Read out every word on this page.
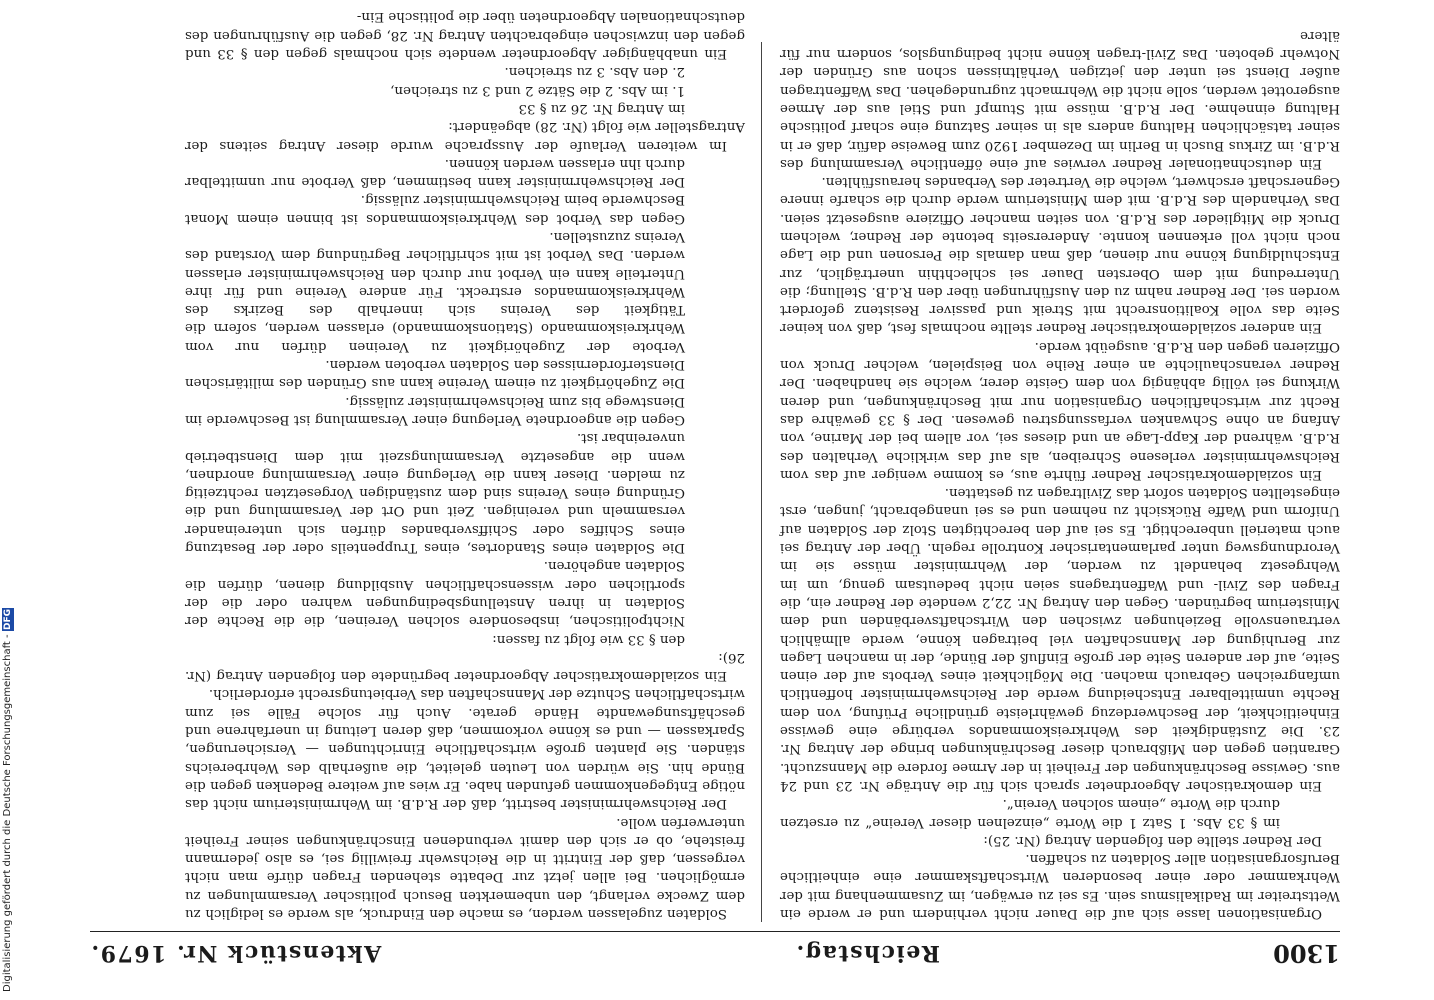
1300
Reichstag.
Aktenstück Nr. 1679.

Organisationen lasse sich auf die Dauer nicht verhindern und er werde ein Wettstreiter im Radikalismus sein. Es sei zu erwägen, im Zusammenhang mit der Wehrkammer oder einer besonderen Wirtschaftskammer eine einheitliche Berufsorganisation aller Soldaten zu schaffen.

Der Redner stellte den folgenden Antrag (Nr. 25):

im § 33 Abs. 1 Satz 1 die Worte „einzelnen dieser Vereine“ zu ersetzen durch die Worte „einem solchen Verein“.

Ein demokratischer Abgeordneter sprach sich für die Anträge Nr. 23 und 24 aus. Gewisse Beschränkungen der Freiheit in der Armee fordere die Mannszucht. Garantien gegen den Mißbrauch dieser Beschränkungen bringe der Antrag Nr. 23. Die Zuständigkeit des Wehrkreiskommandos verbürge eine gewisse Einheitlichkeit, der Beschwerdezug gewährleiste gründliche Prüfung, von dem Rechte unmittelbarer Entscheidung werde der Reichswehrminister hoffentlich umfangreichen Gebrauch machen. Die Möglichkeit eines Verbots auf der einen Seite, auf der anderen Seite der große Einfluß der Bünde, der in manchen Lagen zur Beruhigung der Mannschaften viel beitragen könne, werde allmählich vertrauensvolle Beziehungen zwischen den Wirtschaftsverbänden und dem Ministerium begründen. Gegen den Antrag Nr. 22,2 wendete der Redner ein, die Fragen des Zivil- und Waffentragens seien nicht bedeutsam genug, um im Wehrgesetz behandelt zu werden, der Wehrminister müsse sie im Verordnungsweg unter parlamentarischer Kontrolle regeln. Über der Antrag sei auch materiell unberechtigt. Es sei auf den berechtigten Stolz der Soldaten auf Uniform und Waffe Rücksicht zu nehmen und es sei unangebracht, jungen, erst eingestellten Soldaten sofort das Ziviltragen zu gestatten.

Ein sozialdemokratischer Redner führte aus, es komme weniger auf das vom Reichswehrminister verlesene Schreiben, als auf das wirkliche Verhalten des R.d.B. während der Kapp-Lage an und dieses sei, vor allem bei der Marine, von Anfang an ohne Schwanken verfassungstreu gewesen. Der § 33 gewähre das Recht zur wirtschaftlichen Organisation nur mit Beschränkungen, und deren Wirkung sei völlig abhängig von dem Geiste derer, welche sie handhaben. Der Redner veranschaulichte an einer Reihe von Beispielen, welcher Druck von Offizieren gegen den R.d.B. ausgeübt werde.

Ein anderer sozialdemokratischer Redner stellte nochmals fest, daß von keiner Seite das volle Koalitionsrecht mit Streik und passiver Resistenz gefordert worden sei. Der Redner nahm zu den Ausführungen über den R.d.B. Stellung; die Unterredung mit dem Obersten Dauer sei schlechthin unerträglich, zur Entschuldigung könne nur dienen, daß man damals die Personen und die Lage noch nicht voll erkennen konnte. Andererseits betonte der Redner, welchem Druck die Mitglieder des R.d.B. von seiten mancher Offiziere ausgesetzt seien. Das Verhandeln des R.d.B. mit dem Ministerium werde durch die scharfe innere Gegnerschaft erschwert, welche die Vertreter des Verbandes herausfühlten.

Ein deutschnationaler Redner verwies auf eine öffentliche Versammlung des R.d.B. im Zirkus Busch in Berlin im Dezember 1920 zum Beweise dafür, daß er in seiner tatsächlichen Haltung anders als in seiner Satzung eine scharf politische Haltung einnehme. Der R.d.B. müsse mit Stumpf und Stiel aus der Armee ausgerottet werden, solle nicht die Wehrmacht zugrundegehen. Das Waffentragen außer Dienst sei unter den jetzigen Verhältnissen schon aus Gründen der Notwehr geboten. Das Zivil-tragen könne nicht bedingungslos, sondern nur für ältere

Soldaten zugelassen werden, es mache den Eindruck, als werde es lediglich zu dem Zwecke verlangt, den unbemerkten Besuch politischer Versammlungen zu ermöglichen. Bei allen jetzt zur Debatte stehenden Fragen dürfe man nicht vergessen, daß der Eintritt in die Reichswehr freiwillig sei, es also jedermann freistehe, ob er sich den damit verbundenen Einschränkungen seiner Freiheit unterwerfen wolle.

Der Reichswehrminister bestritt, daß der R.d.B. im Wehrministerium nicht das nötige Entgegenkommen gefunden habe. Er wies auf weitere Bedenken gegen die Bünde hin. Sie würden von Leuten geleitet, die außerhalb des Wehrbereichs ständen. Sie planten große wirtschaftliche Einrichtungen — Versicherungen, Sparkassen — und es könne vorkommen, daß deren Leitung in unerfahrene und geschäftsungewandte Hände gerate. Auch für solche Fälle sei zum wirtschaftlichen Schutze der Mannschaften das Verbietungsrecht erforderlich.

Ein sozialdemokratischer Abgeordneter begründete den folgenden Antrag (Nr. 26):

den § 33 wie folgt zu fassen:

Nichtpolitischen, insbesondere solchen Vereinen, die die Rechte der Soldaten in ihren Anstellungsbedingungen wahren oder die der sportlichen oder wissenschaftlichen Ausbildung dienen, dürfen die Soldaten angehören.

Die Soldaten eines Standortes, eines Truppenteils oder der Besatzung eines Schiffes oder Schiffsverbandes dürfen sich untereinander versammeln und vereinigen. Zeit und Ort der Versammlung und die Gründung eines Vereins sind dem zuständigen Vorgesetzten rechtzeitig zu melden. Dieser kann die Verlegung einer Versammlung anordnen, wenn die angesetzte Versammlungszeit mit dem Dienstbetrieb unvereinbar ist.

Gegen die angeordnete Verlegung einer Versammlung ist Beschwerde im Dienstwege bis zum Reichswehrminister zulässig.

Die Zugehörigkeit zu einem Vereine kann aus Gründen des militärischen Diensterfordernisses den Soldaten verboten werden.

Verbote der Zugehörigkeit zu Vereinen dürfen nur vom Wehrkreiskommando (Stationskommando) erlassen werden, sofern die Tätigkeit des Vereins sich innerhalb des Bezirks des Wehrkreiskommandos erstreckt. Für andere Vereine und für ihre Unterteile kann ein Verbot nur durch den Reichswehrminister erlassen werden. Das Verbot ist mit schriftlicher Begründung dem Vorstand des Vereins zuzustellen.

Gegen das Verbot des Wehrkreiskommandos ist binnen einem Monat Beschwerde beim Reichswehrminister zulässig.

Der Reichswehrminister kann bestimmen, daß Verbote nur unmittelbar durch ihn erlassen werden können.

Im weiteren Verlaufe der Aussprache wurde dieser Antrag seitens der Antragsteller wie folgt (Nr. 28) abgeändert:

im Antrag Nr. 26 zu § 33

1. im Abs. 2 die Sätze 2 und 3 zu streichen,

2. den Abs. 3 zu streichen.

Ein unabhängiger Abgeordneter wendete sich nochmals gegen den § 33 und gegen den inzwischen eingebrachten Antrag Nr. 28, gegen die Ausführungen des deutschnationalen Abgeordneten über die politische Ein-

Digitalisierung gefördert durch die Deutsche Forschungsgemeinschaft - DFG
